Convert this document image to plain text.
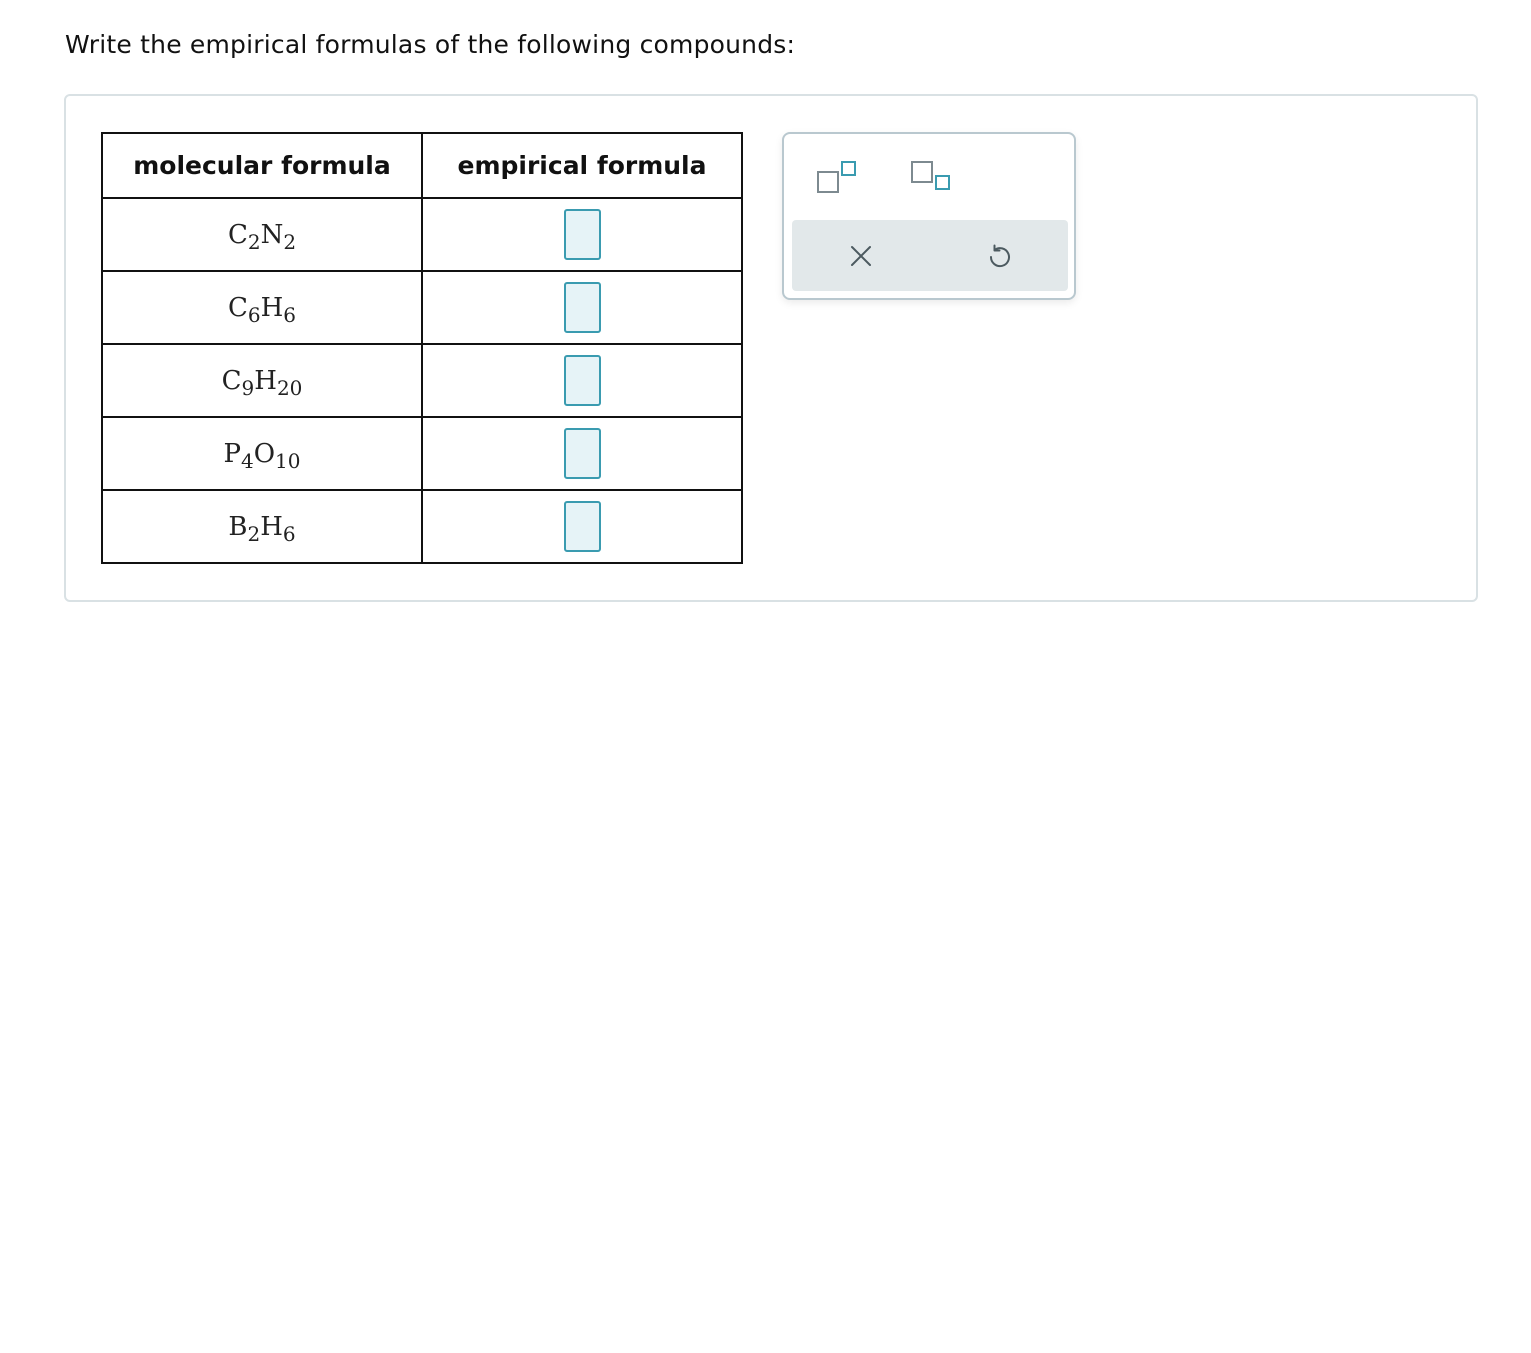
Write the empirical formulas of the following compounds:
molecular formula	empirical formula
$C_2N_2$	
$C_6H_6$	
$C_9H_{20}$	
$P_4O_{10}$	
$B_2H_6$	
